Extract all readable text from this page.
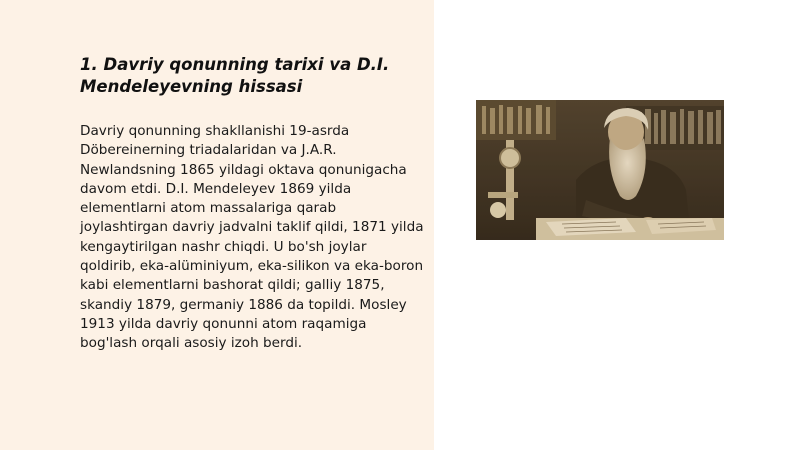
1. Davriy qonunning tarixi va D.I. Mendeleyevning hissasi

Davriy qonunning shakllanishi 19-asrda Döbereinerning triadalaridan va J.A.R. Newlandsning 1865 yildagi oktava qonunigacha davom etdi. D.I. Mendeleyev 1869 yilda elementlarni atom massalariga qarab joylashtirgan davriy jadvalni taklif qildi, 1871 yilda kengaytirilgan nashr chiqdi. U bo'sh joylar qoldirib, eka-alüminiyum, eka-silikon va eka-boron kabi elementlarni bashorat qildi; galliy 1875, skandiy 1879, germaniy 1886 da topildi. Mosley 1913 yilda davriy qonunni atom raqamiga bog'lash orqali asosiy izoh berdi.
